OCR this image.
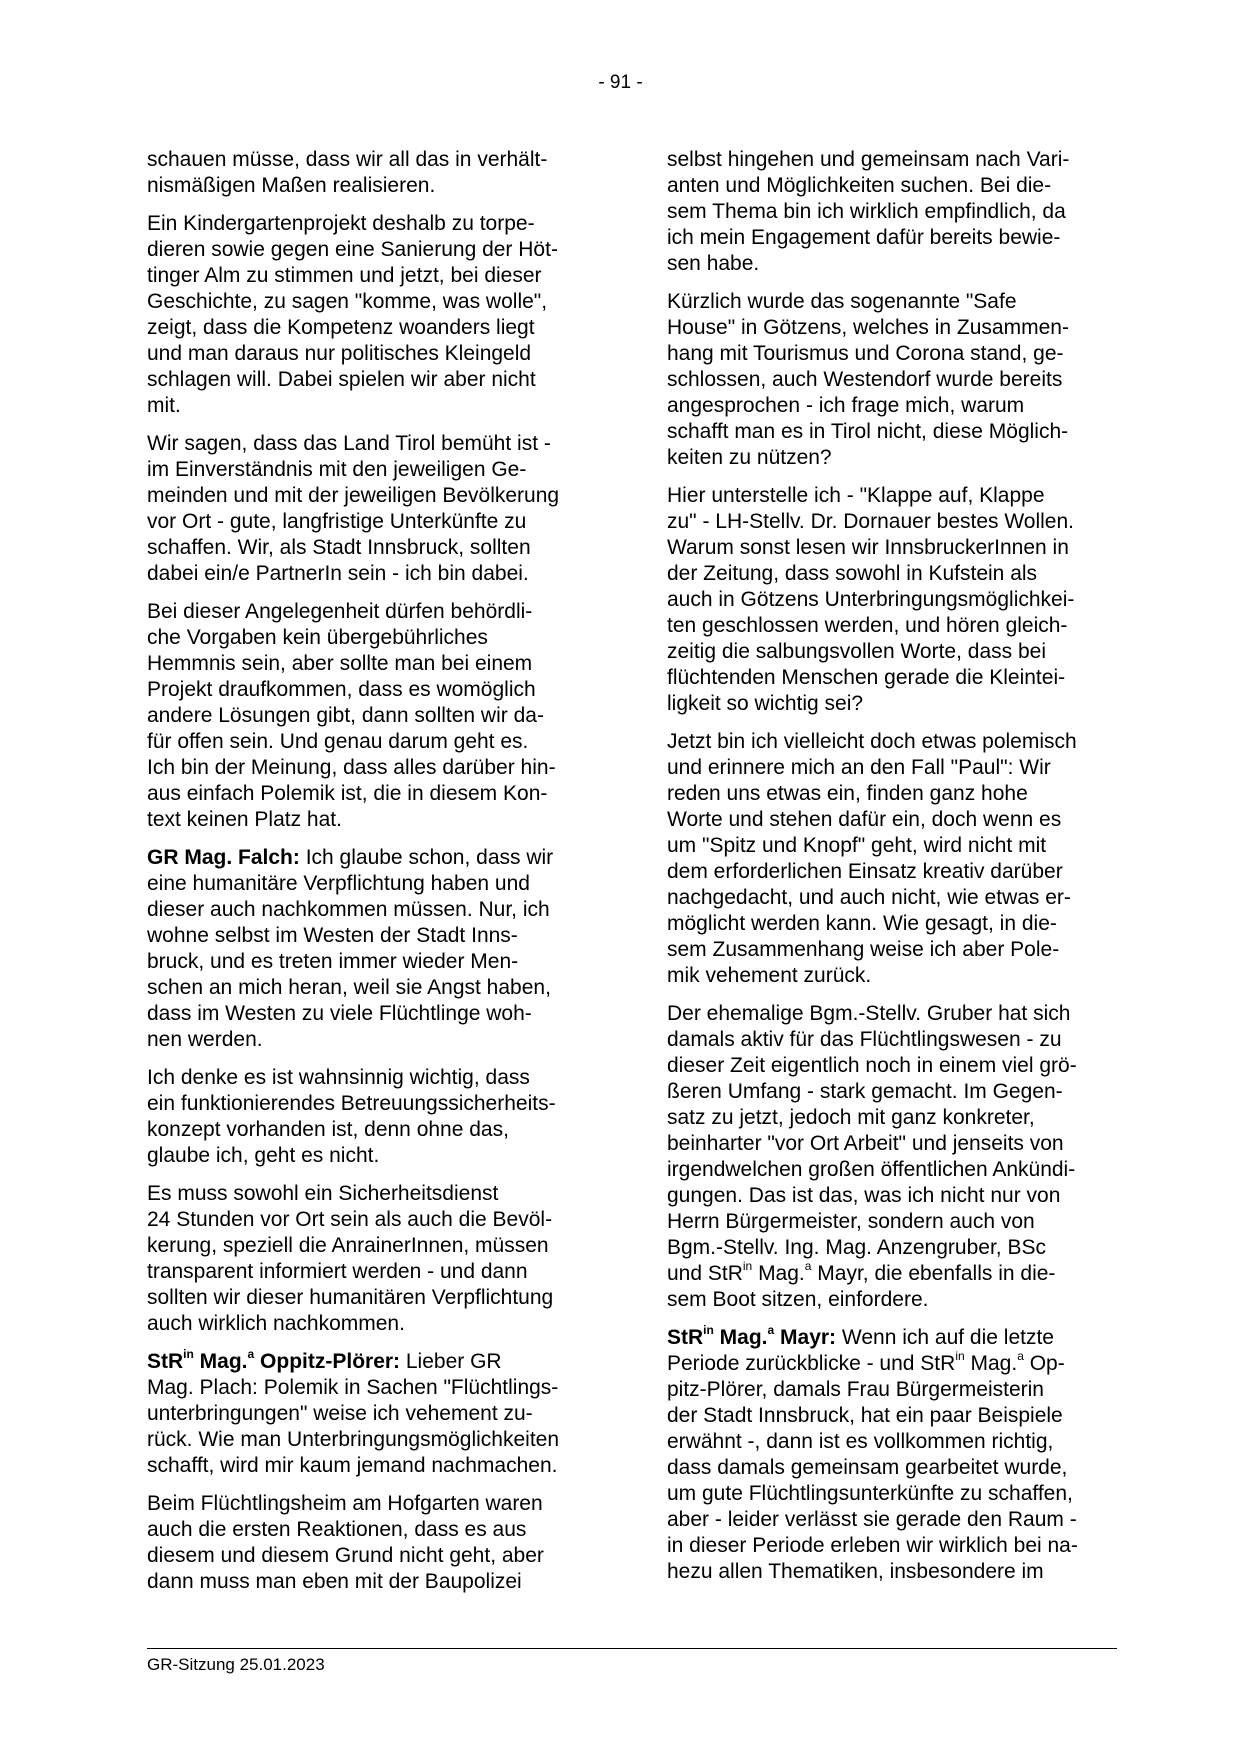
- 91 -

schauen müsse, dass wir all das in verhält-
nismäßigen Maßen realisieren.

Ein Kindergartenprojekt deshalb zu torpe-
dieren sowie gegen eine Sanierung der Höt-
tinger Alm zu stimmen und jetzt, bei dieser
Geschichte, zu sagen "komme, was wolle",
zeigt, dass die Kompetenz woanders liegt
und man daraus nur politisches Kleingeld
schlagen will. Dabei spielen wir aber nicht
mit.

Wir sagen, dass das Land Tirol bemüht ist -
im Einverständnis mit den jeweiligen Ge-
meinden und mit der jeweiligen Bevölkerung
vor Ort - gute, langfristige Unterkünfte zu
schaffen. Wir, als Stadt Innsbruck, sollten
dabei ein/e PartnerIn sein - ich bin dabei.

Bei dieser Angelegenheit dürfen behördli-
che Vorgaben kein übergebührliches
Hemmnis sein, aber sollte man bei einem
Projekt draufkommen, dass es womöglich
andere Lösungen gibt, dann sollten wir da-
für offen sein. Und genau darum geht es.
Ich bin der Meinung, dass alles darüber hin-
aus einfach Polemik ist, die in diesem Kon-
text keinen Platz hat.

GR Mag. Falch: Ich glaube schon, dass wir
eine humanitäre Verpflichtung haben und
dieser auch nachkommen müssen. Nur, ich
wohne selbst im Westen der Stadt Inns-
bruck, und es treten immer wieder Men-
schen an mich heran, weil sie Angst haben,
dass im Westen zu viele Flüchtlinge woh-
nen werden.

Ich denke es ist wahnsinnig wichtig, dass
ein funktionierendes Betreuungssicherheits-
konzept vorhanden ist, denn ohne das,
glaube ich, geht es nicht.

Es muss sowohl ein Sicherheitsdienst
24 Stunden vor Ort sein als auch die Bevöl-
kerung, speziell die AnrainerInnen, müssen
transparent informiert werden - und dann
sollten wir dieser humanitären Verpflichtung
auch wirklich nachkommen.

StR$^{in}$ Mag.$^a$ Oppitz-Plörer: Lieber GR
Mag. Plach: Polemik in Sachen "Flüchtlings-
unterbringungen" weise ich vehement zu-
rück. Wie man Unterbringungsmöglichkeiten
schafft, wird mir kaum jemand nachmachen.

Beim Flüchtlingsheim am Hofgarten waren
auch die ersten Reaktionen, dass es aus
diesem und diesem Grund nicht geht, aber
dann muss man eben mit der Baupolizei

selbst hingehen und gemeinsam nach Vari-
anten und Möglichkeiten suchen. Bei die-
sem Thema bin ich wirklich empfindlich, da
ich mein Engagement dafür bereits bewie-
sen habe.

Kürzlich wurde das sogenannte "Safe
House" in Götzens, welches in Zusammen-
hang mit Tourismus und Corona stand, ge-
schlossen, auch Westendorf wurde bereits
angesprochen - ich frage mich, warum
schafft man es in Tirol nicht, diese Möglich-
keiten zu nützen?

Hier unterstelle ich - "Klappe auf, Klappe
zu" - LH-Stellv. Dr. Dornauer bestes Wollen.
Warum sonst lesen wir InnsbruckerInnen in
der Zeitung, dass sowohl in Kufstein als
auch in Götzens Unterbringungsmöglichkei-
ten geschlossen werden, und hören gleich-
zeitig die salbungsvollen Worte, dass bei
flüchtenden Menschen gerade die Kleintei-
ligkeit so wichtig sei?

Jetzt bin ich vielleicht doch etwas polemisch
und erinnere mich an den Fall "Paul": Wir
reden uns etwas ein, finden ganz hohe
Worte und stehen dafür ein, doch wenn es
um "Spitz und Knopf" geht, wird nicht mit
dem erforderlichen Einsatz kreativ darüber
nachgedacht, und auch nicht, wie etwas er-
möglicht werden kann. Wie gesagt, in die-
sem Zusammenhang weise ich aber Pole-
mik vehement zurück.

Der ehemalige Bgm.-Stellv. Gruber hat sich
damals aktiv für das Flüchtlingswesen - zu
dieser Zeit eigentlich noch in einem viel grö-
ßeren Umfang - stark gemacht. Im Gegen-
satz zu jetzt, jedoch mit ganz konkreter,
beinharter "vor Ort Arbeit" und jenseits von
irgendwelchen großen öffentlichen Ankündi-
gungen. Das ist das, was ich nicht nur von
Herrn Bürgermeister, sondern auch von
Bgm.-Stellv. Ing. Mag. Anzengruber, BSc
und StR$^{in}$ Mag.$^a$ Mayr, die ebenfalls in die-
sem Boot sitzen, einfordere.

StR$^{in}$ Mag.$^a$ Mayr: Wenn ich auf die letzte
Periode zurückblicke - und StR$^{in}$ Mag.$^a$ Op-
pitz-Plörer, damals Frau Bürgermeisterin
der Stadt Innsbruck, hat ein paar Beispiele
erwähnt -, dann ist es vollkommen richtig,
dass damals gemeinsam gearbeitet wurde,
um gute Flüchtlingsunterkünfte zu schaffen,
aber - leider verlässt sie gerade den Raum -
in dieser Periode erleben wir wirklich bei na-
hezu allen Thematiken, insbesondere im

GR-Sitzung 25.01.2023
